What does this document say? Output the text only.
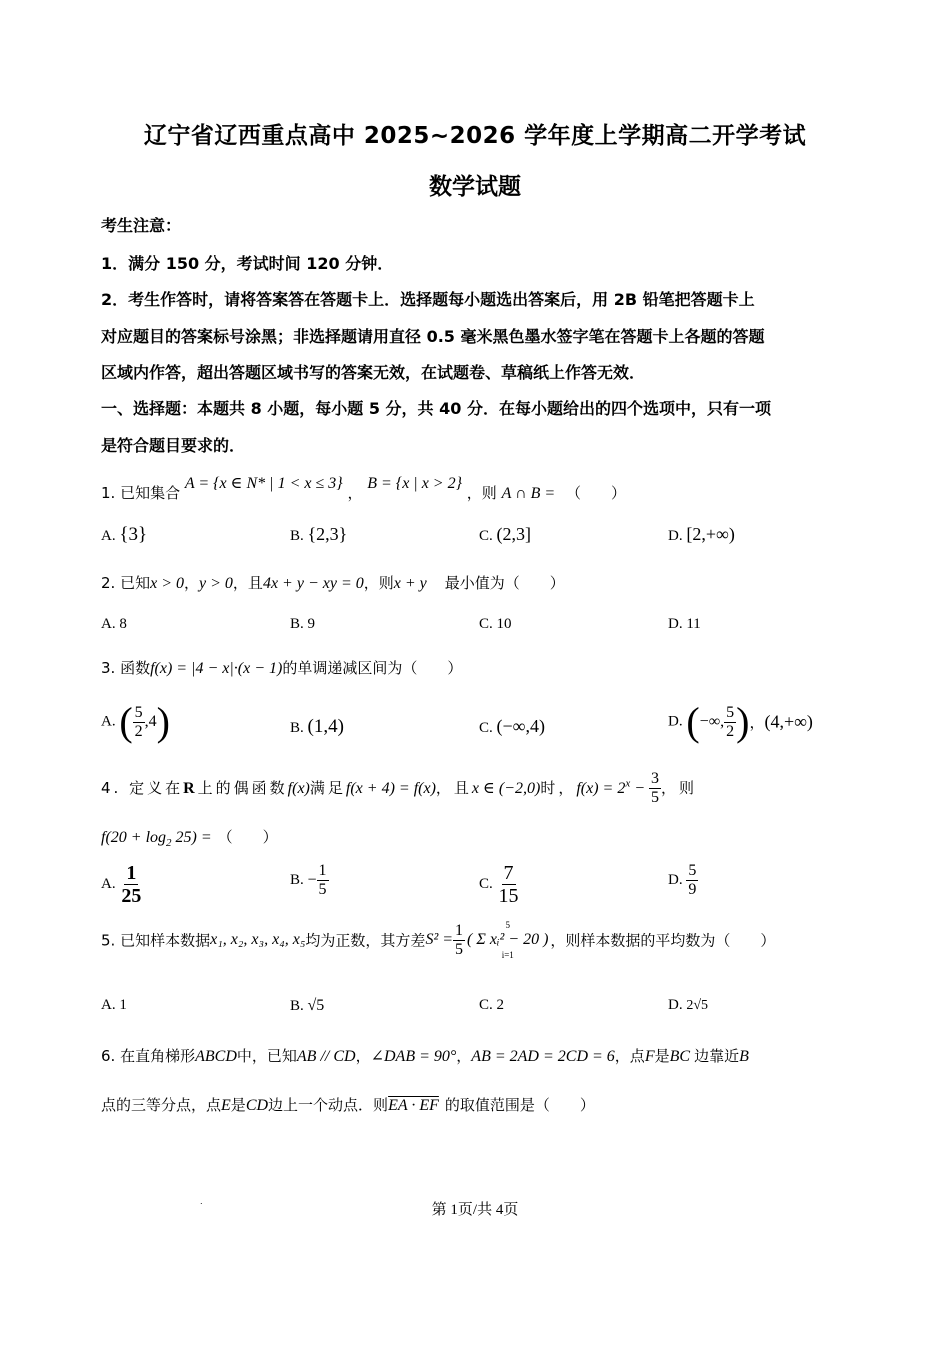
辽宁省辽西重点高中 2025~2026 学年度上学期高二开学考试
数学试题
考生注意：
1．满分 150 分，考试时间 120 分钟．
2．考生作答时，请将答案答在答题卡上．选择题每小题选出答案后，用 2B 铅笔把答题卡上
对应题目的答案标号涂黑；非选择题请用直径 0.5 毫米黑色墨水签字笔在答题卡上各题的答题
区域内作答，超出答题区域书写的答案无效，在试题卷、草稿纸上作答无效．
一、选择题：本题共 8 小题，每小题 5 分，共 40 分．在每小题给出的四个选项中，只有一项
是符合题目要求的．
1. 已知集合 A = {x ∈ N* | 1 < x ≤ 3} ， B = {x | x > 2} ，则 A ∩ B = （　　）
A. {3}	B. {2,3}	C. (2,3]	D. [2,+∞)
2. 已知x > 0，y > 0，且4x + y − xy = 0，则x + y 最小值为（　　）
A. 8	B. 9	C. 10	D. 11
3. 函数f(x) = |4 − x|·(x − 1)的单调递减区间为（　　）
A. ( $\frac{5}{2} ,4$)	B. (1,4)	C. (−∞,4)	D. (−∞, $\frac{5}{2}$ )，(4,+∞)
4. 定义在R上的偶函数f(x)满足f(x + 4) = f(x)，且x ∈ (−2,0)时，$f(x) = 2^x - \frac{3}{5}$ ，则
$f(20 + \log_2 25)$ = （　　）
A. $\frac{1}{25}$	B. − $\frac{1}{5}$	C. $\frac{7}{15}$	D. $\frac{5}{9}$
5. 已知样本数据x₁, x₂, x₃, x₄, x₅均为正数，其方差$S^2 = \frac{1}{5}$	5
( Σ xᵢ² − 20 )
i=1
，则样本数据的平均数为（　　）
A. 1	B. √5	C. 2	D. 2√5
6. 在直角梯形ABCD中，已知AB // CD，∠DAB = 90°，AB = 2AD = 2CD = 6，点F是BC 边靠近B
点的三等分点，点E是CD边上一个动点．则EA · EF 的取值范围是（　　）
.
第 1页/共 4页
